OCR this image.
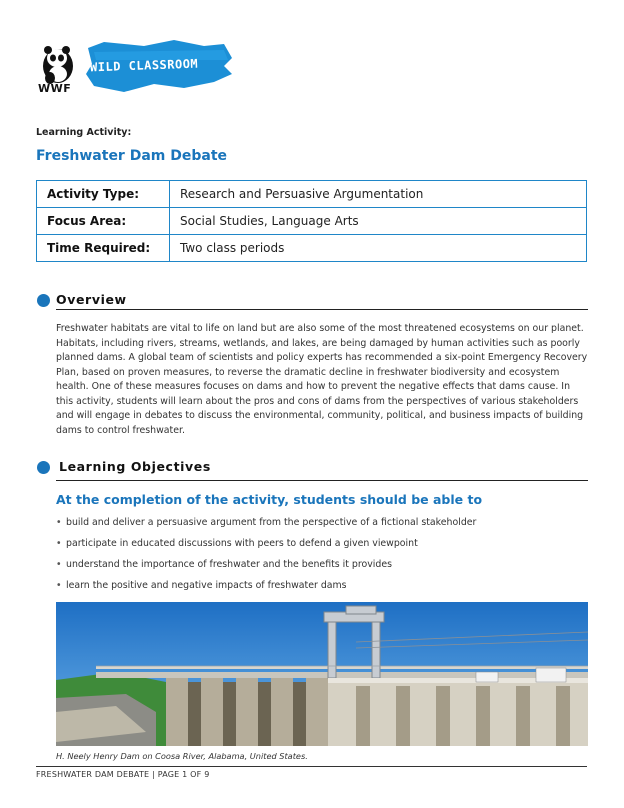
WWF
WILD CLASSROOM
Learning Activity:
Freshwater Dam Debate
Activity Type:	Research and Persuasive Argumentation
Focus Area:	Social Studies, Language Arts
Time Required:	Two class periods
Overview
Freshwater habitats are vital to life on land but are also some of the most threatened ecosystems on our planet. Habitats, including rivers, streams, wetlands, and lakes, are being damaged by human activities such as poorly planned dams. A global team of scientists and policy experts has recommended a six-point Emergency Recovery Plan, based on proven measures, to reverse the dramatic decline in freshwater biodiversity and ecosystem health. One of these measures focuses on dams and how to prevent the negative effects that dams cause. In this activity, students will learn about the pros and cons of dams from the perspectives of various stakeholders and will engage in debates to discuss the environmental, community, political, and business impacts of building dams to control freshwater.
Learning Objectives
At the completion of the activity, students should be able to
• build and deliver a persuasive argument from the perspective of a fictional stakeholder
• participate in educated discussions with peers to defend a given viewpoint
• understand the importance of freshwater and the benefits it provides
• learn the positive and negative impacts of freshwater dams
H. Neely Henry Dam on Coosa River, Alabama, United States.
FRESHWATER DAM DEBATE | PAGE 1 OF 9
